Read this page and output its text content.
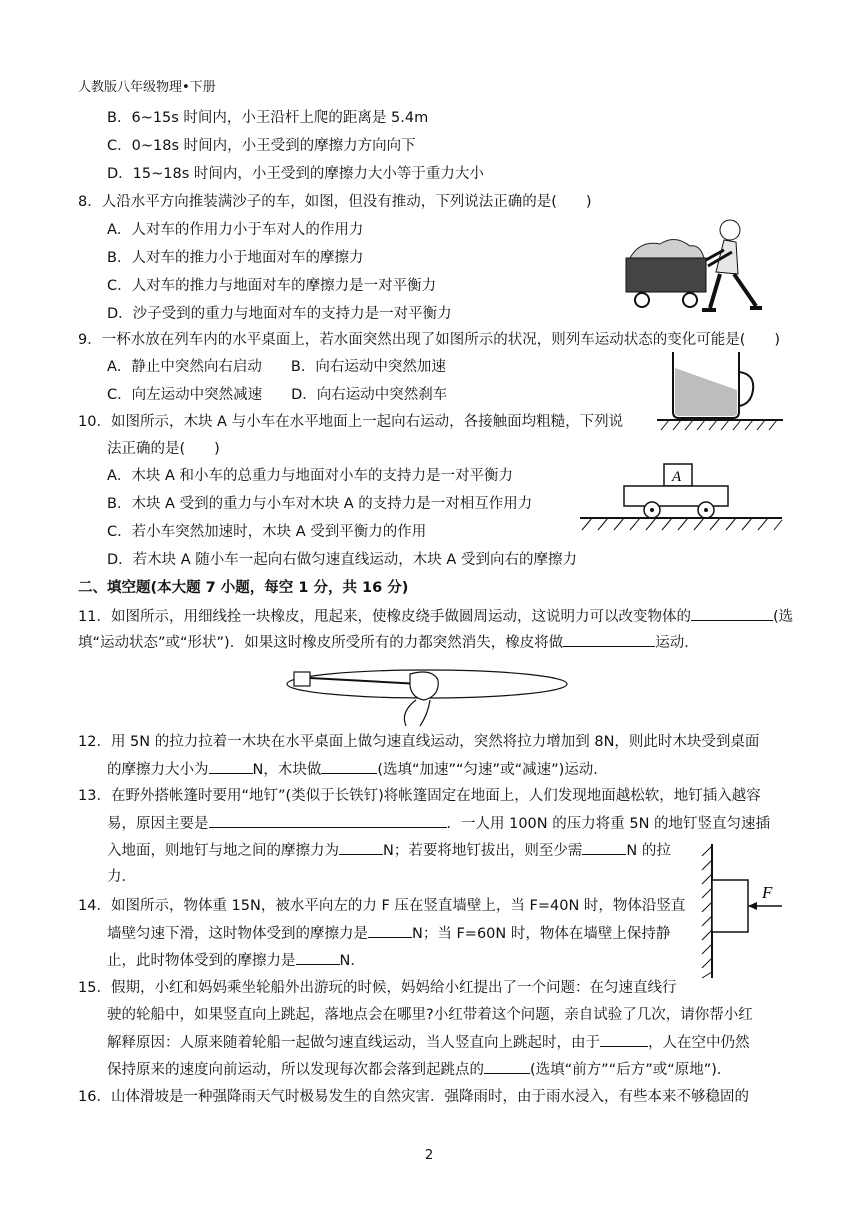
人教版八年级物理•下册
B．6~15s 时间内，小王沿杆上爬的距离是 5.4m
C．0~18s 时间内，小王受到的摩擦力方向向下
D．15~18s 时间内，小王受到的摩擦力大小等于重力大小
8．人沿水平方向推装满沙子的车，如图，但没有推动，下列说法正确的是(　　)
A．人对车的作用力小于车对人的作用力
B．人对车的推力小于地面对车的摩擦力
C．人对车的推力与地面对车的摩擦力是一对平衡力
D．沙子受到的重力与地面对车的支持力是一对平衡力
9．一杯水放在列车内的水平桌面上，若水面突然出现了如图所示的状况，则列车运动状态的变化可能是(　　)
A．静止中突然向右启动　　B．向右运动中突然加速
C．向左运动中突然减速　　D．向右运动中突然刹车
10．如图所示，木块 A 与小车在水平地面上一起向右运动，各接触面均粗糙，下列说
法正确的是(　　)
A．木块 A 和小车的总重力与地面对小车的支持力是一对平衡力
B．木块 A 受到的重力与小车对木块 A 的支持力是一对相互作用力
C．若小车突然加速时，木块 A 受到平衡力的作用
D．若木块 A 随小车一起向右做匀速直线运动，木块 A 受到向右的摩擦力
A
二、填空题(本大题 7 小题，每空 1 分，共 16 分)
11．如图所示，用细线拴一块橡皮，甩起来，使橡皮绕手做圆周运动，这说明力可以改变物体的	(选
填“运动状态”或“形状”)．如果这时橡皮所受所有的力都突然消失，橡皮将做	运动．
12．用 5N 的拉力拉着一木块在水平桌面上做匀速直线运动，突然将拉力增加到 8N，则此时木块受到桌面
的摩擦力大小为	N，木块做	(选填“加速”“匀速”或“减速”)运动．
13．在野外搭帐篷时要用“地钉”(类似于长铁钉)将帐篷固定在地面上，人们发现地面越松软，地钉插入越容
易，原因主要是	．一人用 100N 的压力将重 5N 的地钉竖直匀速插
入地面，则地钉与地之间的摩擦力为	N；若要将地钉拔出，则至少需	N 的拉
力．
F
14．如图所示，物体重 15N，被水平向左的力 F 压在竖直墙壁上，当 F=40N 时，物体沿竖直
墙壁匀速下滑，这时物体受到的摩擦力是	N；当 F=60N 时，物体在墙壁上保持静
止，此时物体受到的摩擦力是	N．
15．假期，小红和妈妈乘坐轮船外出游玩的时候，妈妈给小红提出了一个问题：在匀速直线行
驶的轮船中，如果竖直向上跳起，落地点会在哪里?小红带着这个问题，亲自试验了几次，请你帮小红
解释原因：人原来随着轮船一起做匀速直线运动，当人竖直向上跳起时，由于	，人在空中仍然
保持原来的速度向前运动，所以发现每次都会落到起跳点的	(选填“前方”“后方”或“原地”)．
16．山体滑坡是一种强降雨天气时极易发生的自然灾害．强降雨时，由于雨水浸入，有些本来不够稳固的
2
